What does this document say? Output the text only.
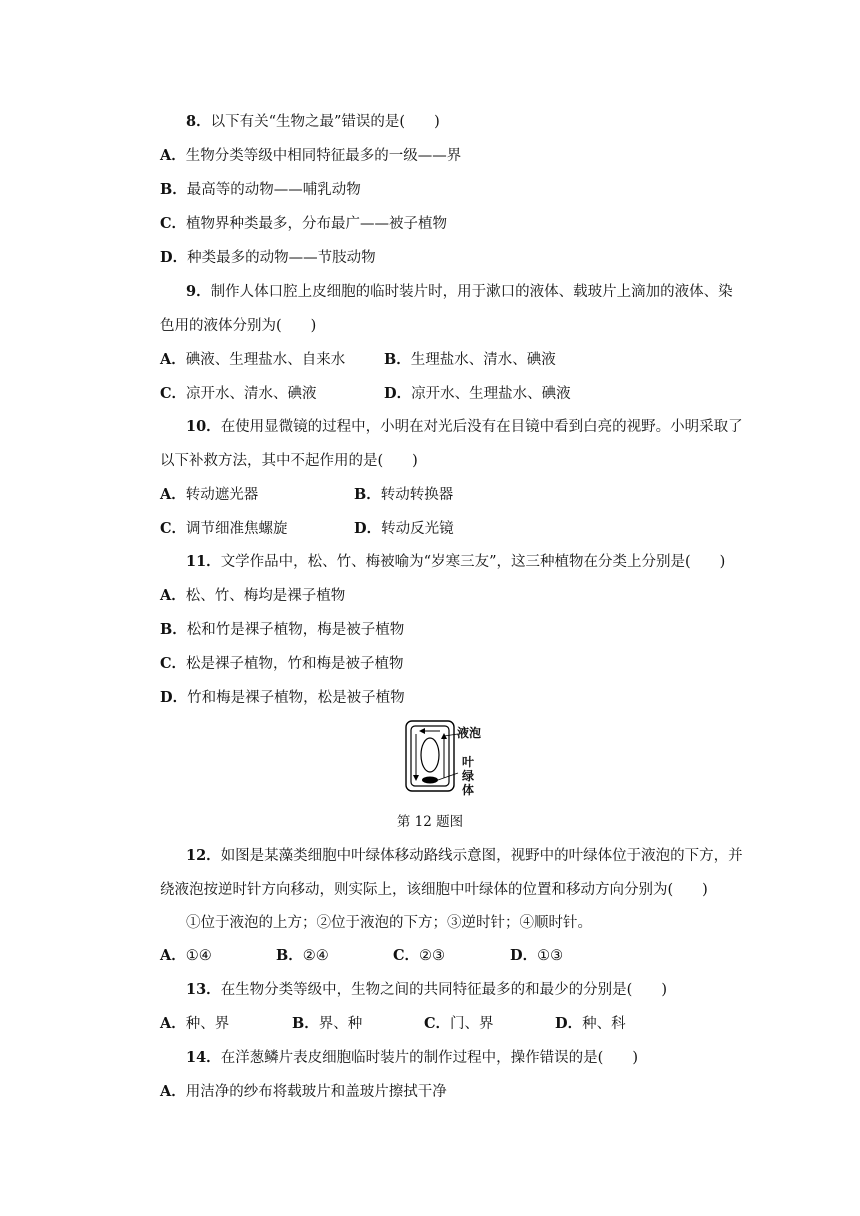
8．以下有关“生物之最”错误的是(　　)
A．生物分类等级中相同特征最多的一级——界
B．最高等的动物——哺乳动物
C．植物界种类最多，分布最广——被子植物
D．种类最多的动物——节肢动物
9．制作人体口腔上皮细胞的临时装片时，用于漱口的液体、载玻片上滴加的液体、染
色用的液体分别为(　　)
A．碘液、生理盐水、自来水	B．生理盐水、清水、碘液
C．凉开水、清水、碘液	D．凉开水、生理盐水、碘液
10．在使用显微镜的过程中，小明在对光后没有在目镜中看到白亮的视野。小明采取了
以下补救方法，其中不起作用的是(　　)
A．转动遮光器	B．转动转换器
C．调节细准焦螺旋	D．转动反光镜
11．文学作品中，松、竹、梅被喻为“岁寒三友”，这三种植物在分类上分别是(　　)
A．松、竹、梅均是裸子植物
B．松和竹是裸子植物，梅是被子植物
C．松是裸子植物，竹和梅是被子植物
D．竹和梅是裸子植物，松是被子植物
液泡
叶
绿
体
第 12 题图
12．如图是某藻类细胞中叶绿体移动路线示意图，视野中的叶绿体位于液泡的下方，并
绕液泡按逆时针方向移动，则实际上，该细胞中叶绿体的位置和移动方向分别为(　　)
①位于液泡的上方；②位于液泡的下方；③逆时针；④顺时针。
A．①④	B．②④	C．②③	D．①③
13．在生物分类等级中，生物之间的共同特征最多的和最少的分别是(　　)
A．种、界	B．界、种	C．门、界	D．种、科
14．在洋葱鳞片表皮细胞临时装片的制作过程中，操作错误的是(　　)
A．用洁净的纱布将载玻片和盖玻片擦拭干净
